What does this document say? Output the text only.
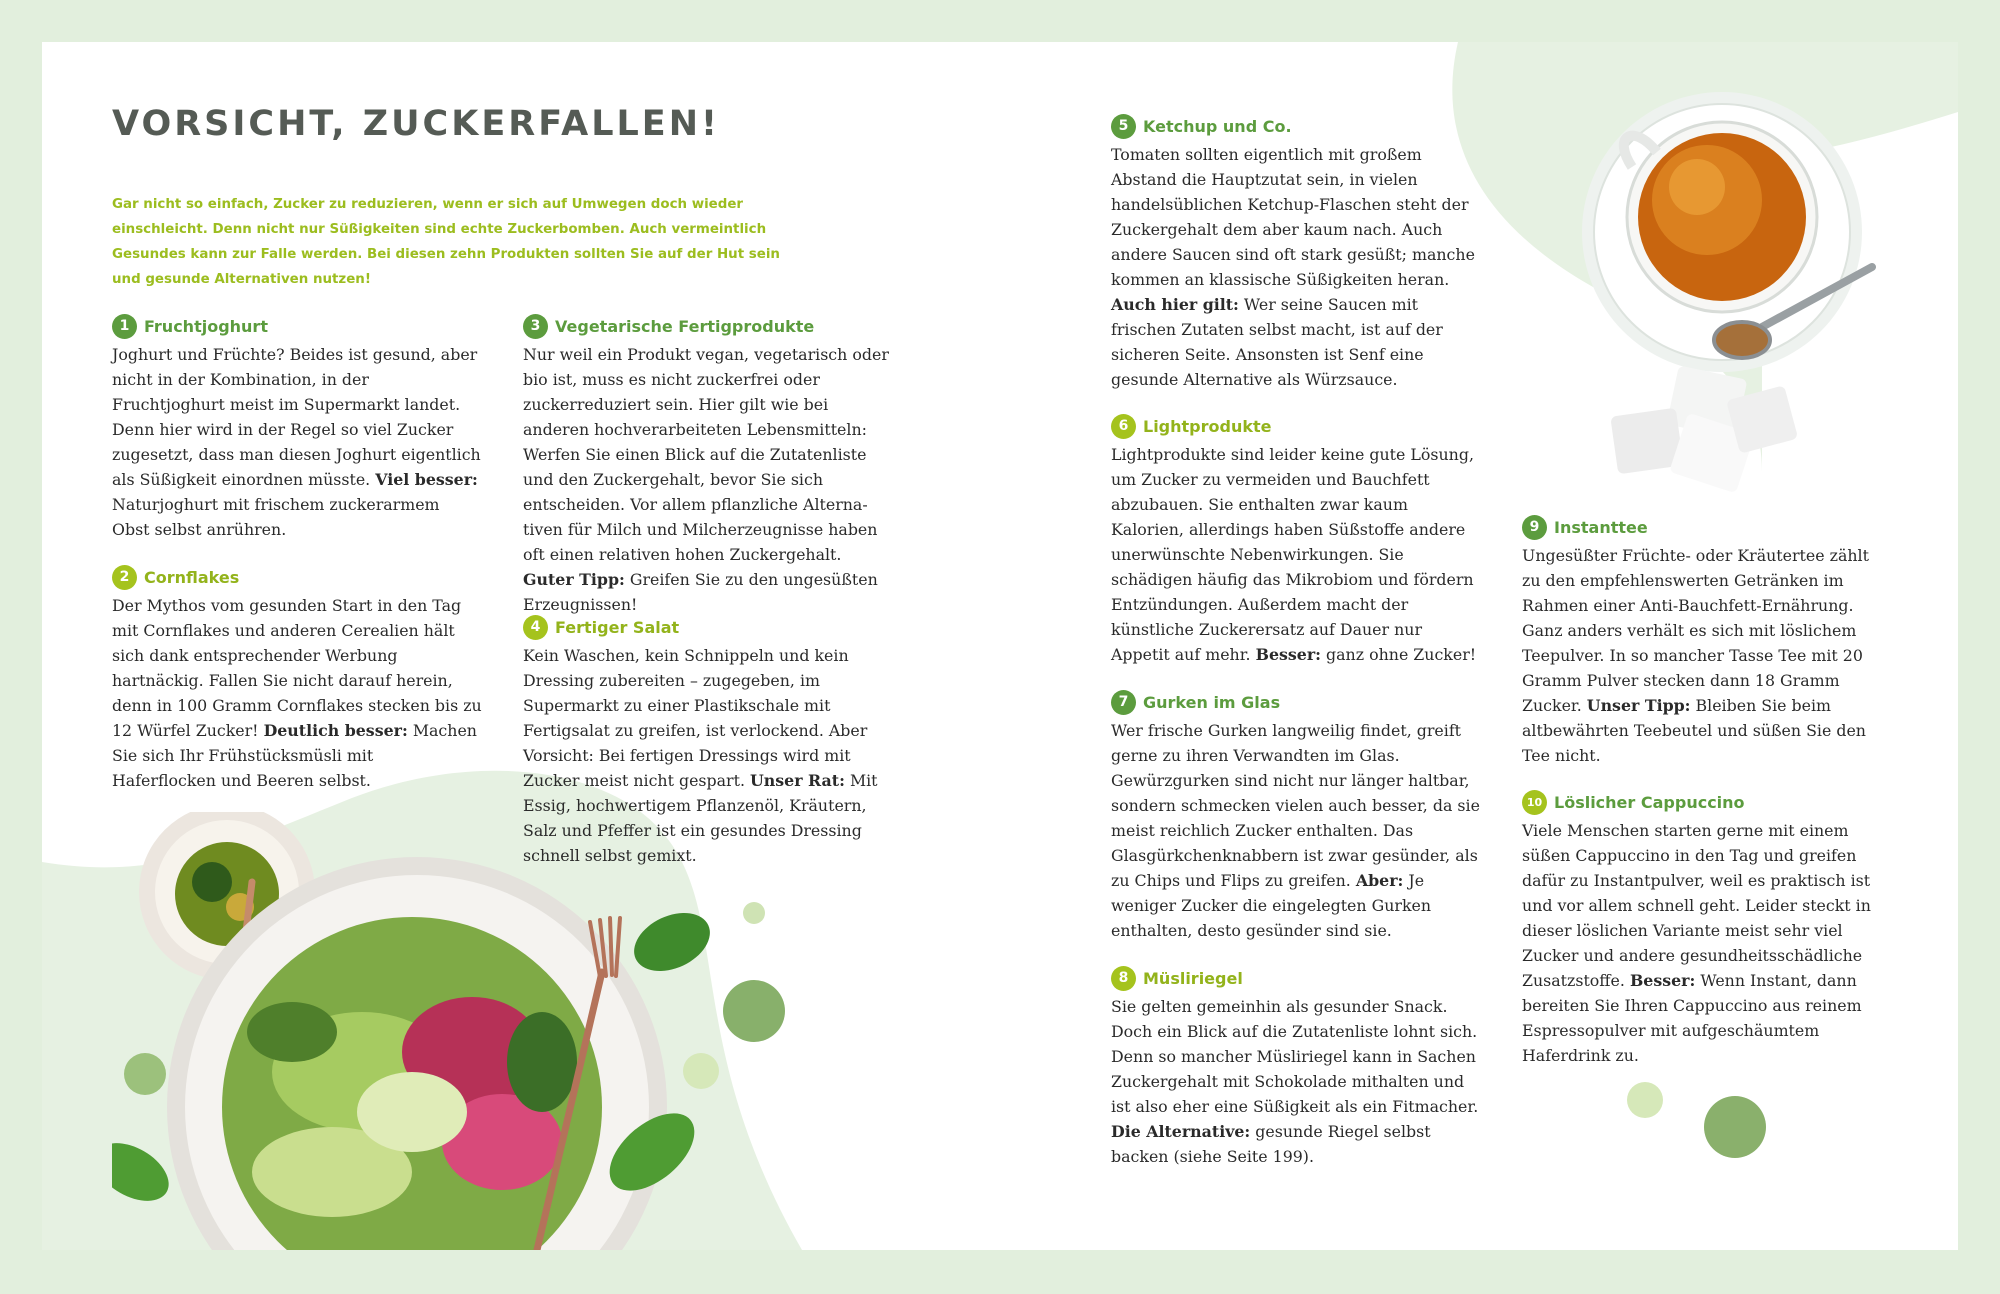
VORSICHT, ZUCKERFALLEN!

Gar nicht so einfach, Zucker zu reduzieren, wenn er sich auf Umwegen doch wieder einschleicht. Denn nicht nur Süßigkeiten sind echte Zuckerbomben. Auch vermeintlich Gesundes kann zur Falle werden. Bei diesen zehn Produkten sollten Sie auf der Hut sein und gesunde Alternativen nutzen!

1 Fruchtjoghurt

Joghurt und Früchte? Beides ist gesund, aber nicht in der Kombination, in der Fruchtjoghurt meist im Supermarkt landet. Denn hier wird in der Regel so viel Zucker zugesetzt, dass man diesen Joghurt eigentlich als Süßigkeit einordnen müsste. Viel besser: Naturjoghurt mit frischem zuckerarmem Obst selbst anrühren.

2 Cornflakes

Der Mythos vom gesunden Start in den Tag mit Cornflakes und anderen Cerealien hält sich dank entsprechender Werbung hartnäckig. Fallen Sie nicht darauf herein, denn in 100 Gramm Cornflakes stecken bis zu 12 Würfel Zucker! Deutlich besser: Machen Sie sich Ihr Frühstücksmüsli mit Haferflocken und Beeren selbst.

3 Vegetarische Fertigprodukte

Nur weil ein Produkt vegan, vegetarisch oder bio ist, muss es nicht zuckerfrei oder zuckerreduziert sein. Hier gilt wie bei anderen hochverarbeiteten Lebensmitteln: Werfen Sie einen Blick auf die Zutatenliste und den Zuckergehalt, bevor Sie sich entscheiden. Vor allem pflanzliche Alternativen für Milch und Milcherzeugnisse haben oft einen relativen hohen Zuckergehalt. Guter Tipp: Greifen Sie zu den ungesüßten Erzeugnissen!

4 Fertiger Salat

Kein Waschen, kein Schnippeln und kein Dressing zubereiten – zugegeben, im Supermarkt zu einer Plastikschale mit Fertigsalat zu greifen, ist verlockend. Aber Vorsicht: Bei fertigen Dressings wird mit Zucker meist nicht gespart. Unser Rat: Mit Essig, hochwertigem Pflanzenöl, Kräutern, Salz und Pfeffer ist ein gesundes Dressing schnell selbst gemixt.

5 Ketchup und Co.

Tomaten sollten eigentlich mit großem Abstand die Hauptzutat sein, in vielen handelsüblichen Ketchup-Flaschen steht der Zuckergehalt dem aber kaum nach. Auch andere Saucen sind oft stark gesüßt; manche kommen an klassische Süßigkeiten heran. Auch hier gilt: Wer seine Saucen mit frischen Zutaten selbst macht, ist auf der sicheren Seite. Ansonsten ist Senf eine gesunde Alternative als Würzsauce.

6 Lightprodukte

Lightprodukte sind leider keine gute Lösung, um Zucker zu vermeiden und Bauchfett abzubauen. Sie enthalten zwar kaum Kalorien, allerdings haben Süßstoffe andere unerwünschte Nebenwirkungen. Sie schädigen häufig das Mikrobiom und fördern Entzündungen. Außerdem macht der künstliche Zuckerersatz auf Dauer nur Appetit auf mehr. Besser: ganz ohne Zucker!

7 Gurken im Glas

Wer frische Gurken langweilig findet, greift gerne zu ihren Verwandten im Glas. Gewürzgurken sind nicht nur länger haltbar, sondern schmecken vielen auch besser, da sie meist reichlich Zucker enthalten. Das Glasgürkchenknabbern ist zwar gesünder, als zu Chips und Flips zu greifen. Aber: Je weniger Zucker die eingelegten Gurken enthalten, desto gesünder sind sie.

8 Müsliriegel

Sie gelten gemeinhin als gesunder Snack. Doch ein Blick auf die Zutatenliste lohnt sich. Denn so mancher Müsliriegel kann in Sachen Zuckergehalt mit Schokolade mithalten und ist also eher eine Süßigkeit als ein Fitmacher. Die Alternative: gesunde Riegel selbst backen (siehe Seite 199).

9 Instanttee

Ungesüßter Früchte- oder Kräutertee zählt zu den empfehlenswerten Getränken im Rahmen einer Anti-Bauchfett-Ernährung. Ganz anders verhält es sich mit löslichem Teepulver. In so mancher Tasse Tee mit 20 Gramm Pulver stecken dann 18 Gramm Zucker. Unser Tipp: Bleiben Sie beim altbewährten Teebeutel und süßen Sie den Tee nicht.

10 Löslicher Cappuccino

Viele Menschen starten gerne mit einem süßen Cappuccino in den Tag und greifen dafür zu Instantpulver, weil es praktisch ist und vor allem schnell geht. Leider steckt in dieser löslichen Variante meist sehr viel Zucker und andere gesundheitsschädliche Zusatzstoffe. Besser: Wenn Instant, dann bereiten Sie Ihren Cappuccino aus reinem Espressopulver mit aufgeschäumtem Haferdrink zu.
